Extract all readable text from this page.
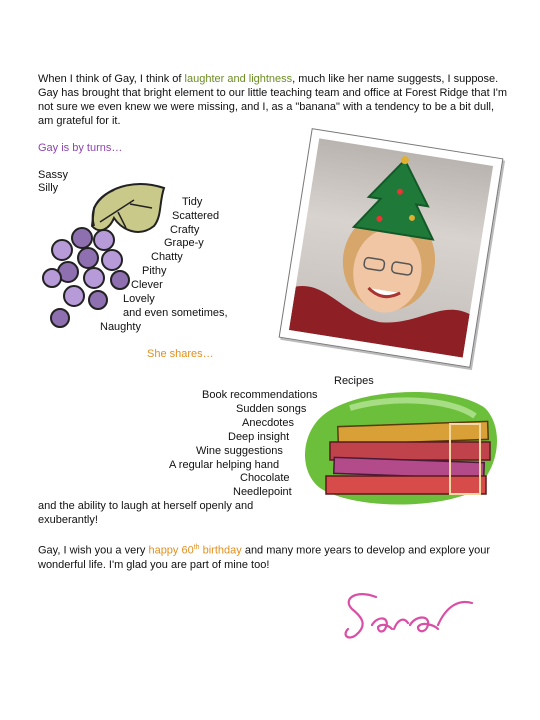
When I think of Gay, I think of laughter and lightness, much like her name suggests, I suppose. Gay has brought that bright element to our little teaching team and office at Forest Ridge that I'm not sure we even knew we were missing, and I, as a "banana" with a tendency to be a bit dull, am grateful for it.

Gay is by turns…
Sassy
Silly
Tidy
Scattered
Crafty
Grape-y
Chatty
Pithy
Clever
Lovely
and even sometimes,
Naughty
She shares…
Recipes
Book recommendations
Sudden songs
Anecdotes
Deep insight
Wine suggestions
A regular helping hand
Chocolate
Needlepoint
and the ability to laugh at herself openly and
exuberantly!

Gay, I wish you a very happy 60th birthday and many more years to develop and explore your wonderful life. I'm glad you are part of mine too!
